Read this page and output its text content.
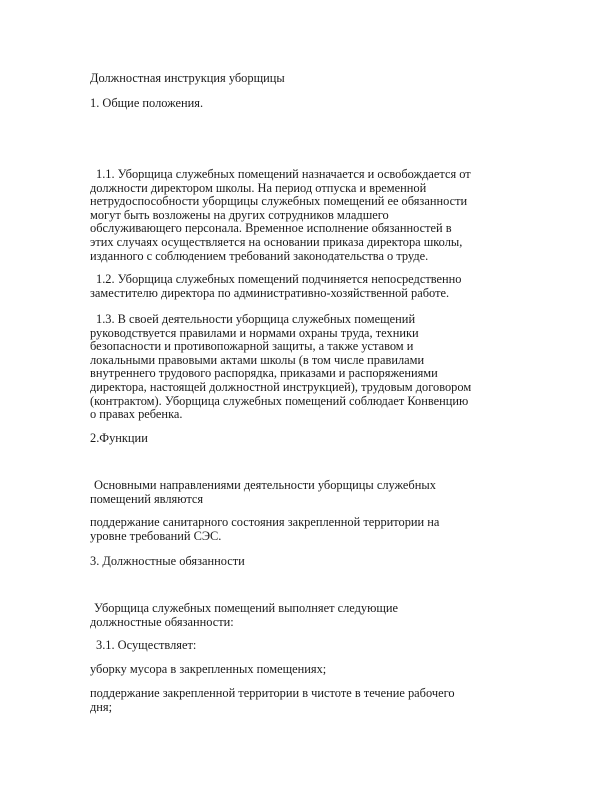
Должностная инструкция уборщицы

1. Общие положения.

1.1. Уборщица служебных помещений назначается и освобождается от
должности директором школы. На период отпуска и временной
нетрудоспособности уборщицы служебных помещений ее обязанности
могут быть возложены на других сотрудников младшего
обслуживающего персонала. Временное исполнение обязанностей в
этих случаях осуществляется на основании приказа директора школы,
изданного с соблюдением требований законодательства о труде.
1.2. Уборщица служебных помещений подчиняется непосредственно
заместителю директора по административно-хозяйственной работе.
1.3. В своей деятельности уборщица служебных помещений
руководствуется правилами и нормами охраны труда, техники
безопасности и противопожарной защиты, а также уставом и
локальными правовыми актами школы (в том числе правилами
внутреннего трудового распорядка, приказами и распоряжениями
директора, настоящей должностной инструкцией), трудовым договором
(контрактом). Уборщица служебных помещений соблюдает Конвенцию
о правах ребенка.

2.Функции

Основными направлениями деятельности уборщицы служебных
помещений являются
поддержание санитарного состояния закрепленной территории на
уровне требований СЭС.

3. Должностные обязанности

Уборщица служебных помещений выполняет следующие
должностные обязанности:

3.1. Осуществляет:

уборку мусора в закрепленных помещениях;

поддержание закрепленной территории в чистоте в течение рабочего
дня;
